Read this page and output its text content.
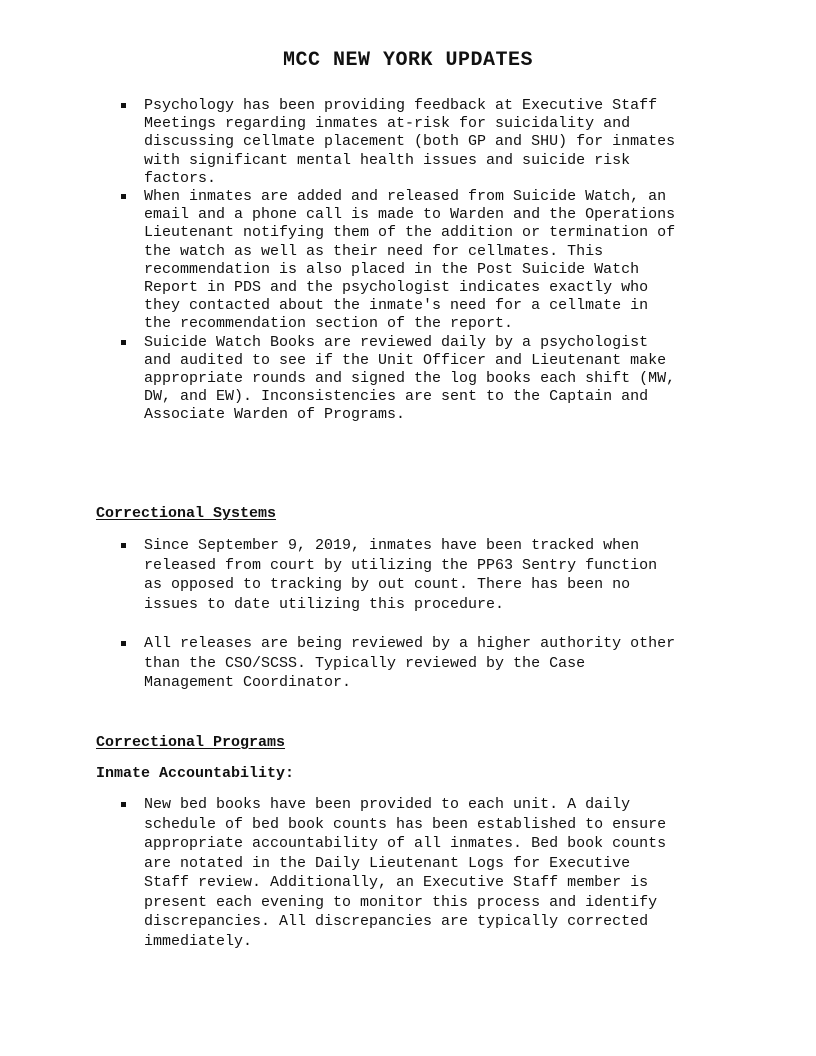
MCC NEW YORK UPDATES
Psychology has been providing feedback at Executive Staff
Meetings regarding inmates at-risk for suicidality and
discussing cellmate placement (both GP and SHU) for inmates
with significant mental health issues and suicide risk
factors.
When inmates are added and released from Suicide Watch, an
email and a phone call is made to Warden and the Operations
Lieutenant notifying them of the addition or termination of
the watch as well as their need for cellmates. This
recommendation is also placed in the Post Suicide Watch
Report in PDS and the psychologist indicates exactly who
they contacted about the inmate's need for a cellmate in
the recommendation section of the report.
Suicide Watch Books are reviewed daily by a psychologist
and audited to see if the Unit Officer and Lieutenant make
appropriate rounds and signed the log books each shift (MW,
DW, and EW). Inconsistencies are sent to the Captain and
Associate Warden of Programs.
Correctional Systems
Since September 9, 2019, inmates have been tracked when
released from court by utilizing the PP63 Sentry function
as opposed to tracking by out count. There has been no
issues to date utilizing this procedure.
All releases are being reviewed by a higher authority other
than the CSO/SCSS. Typically reviewed by the Case
Management Coordinator.
Correctional Programs
Inmate Accountability:
New bed books have been provided to each unit. A daily
schedule of bed book counts has been established to ensure
appropriate accountability of all inmates. Bed book counts
are notated in the Daily Lieutenant Logs for Executive
Staff review. Additionally, an Executive Staff member is
present each evening to monitor this process and identify
discrepancies. All discrepancies are typically corrected
immediately.
